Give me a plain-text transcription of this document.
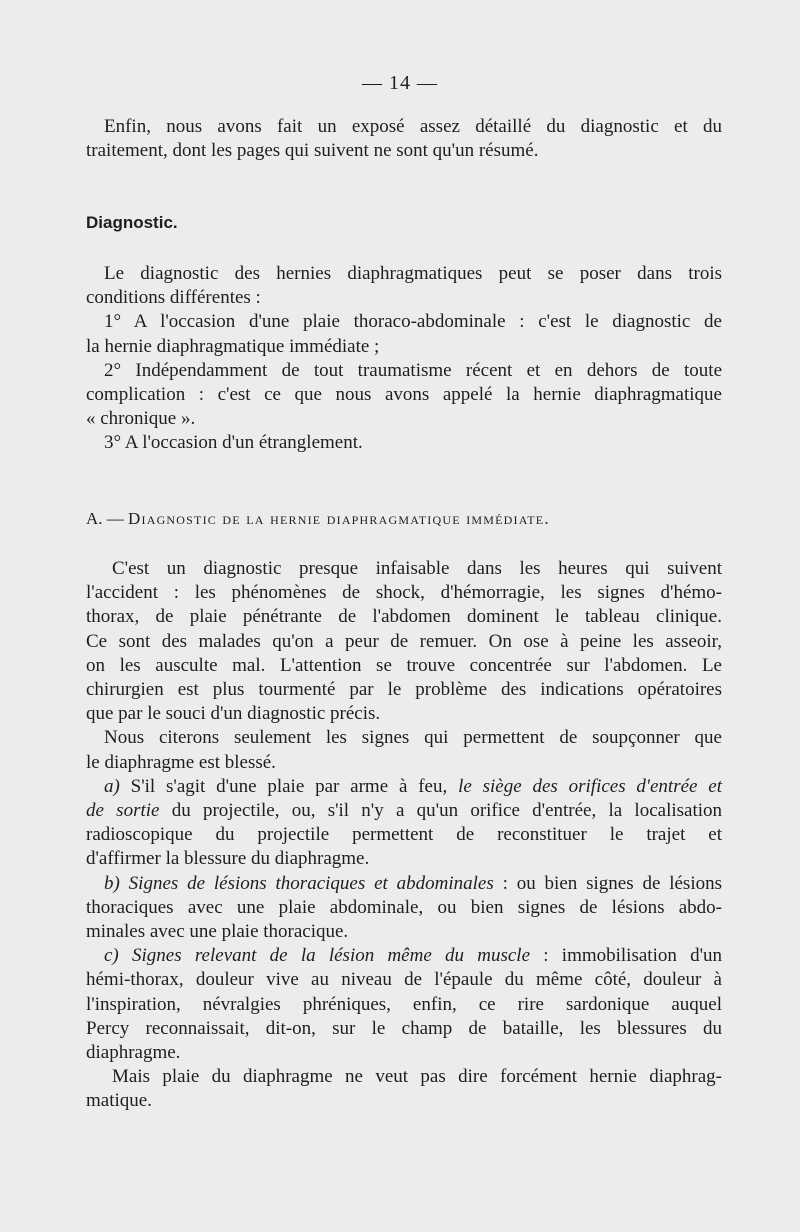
— 14 —
Enfin, nous avons fait un exposé assez détaillé du diagnostic et du
traitement, dont les pages qui suivent ne sont qu'un résumé.
Diagnostic.
Le diagnostic des hernies diaphragmatiques peut se poser dans trois
conditions différentes :
1° A l'occasion d'une plaie thoraco-abdominale : c'est le diagnostic de
la hernie diaphragmatique immédiate ;
2° Indépendamment de tout traumatisme récent et en dehors de toute
complication : c'est ce que nous avons appelé la hernie diaphragmatique
« chronique ».
3° A l'occasion d'un étranglement.
A. — Diagnostic de la hernie diaphragmatique immédiate.
C'est un diagnostic presque infaisable dans les heures qui suivent
l'accident : les phénomènes de shock, d'hémorragie, les signes d'hémo-
thorax, de plaie pénétrante de l'abdomen dominent le tableau clinique.
Ce sont des malades qu'on a peur de remuer. On ose à peine les asseoir,
on les ausculte mal. L'attention se trouve concentrée sur l'abdomen. Le
chirurgien est plus tourmenté par le problème des indications opératoires
que par le souci d'un diagnostic précis.
Nous citerons seulement les signes qui permettent de soupçonner que
le diaphragme est blessé.
a) S'il s'agit d'une plaie par arme à feu, le siège des orifices d'entrée et
de sortie du projectile, ou, s'il n'y a qu'un orifice d'entrée, la localisation
radioscopique du projectile permettent de reconstituer le trajet et
d'affirmer la blessure du diaphragme.
b) Signes de lésions thoraciques et abdominales : ou bien signes de lésions
thoraciques avec une plaie abdominale, ou bien signes de lésions abdo-
minales avec une plaie thoracique.
c) Signes relevant de la lésion même du muscle : immobilisation d'un
hémi-thorax, douleur vive au niveau de l'épaule du même côté, douleur à
l'inspiration, névralgies phréniques, enfin, ce rire sardonique auquel
Percy reconnaissait, dit-on, sur le champ de bataille, les blessures du
diaphragme.
Mais plaie du diaphragme ne veut pas dire forcément hernie diaphrag-
matique.
